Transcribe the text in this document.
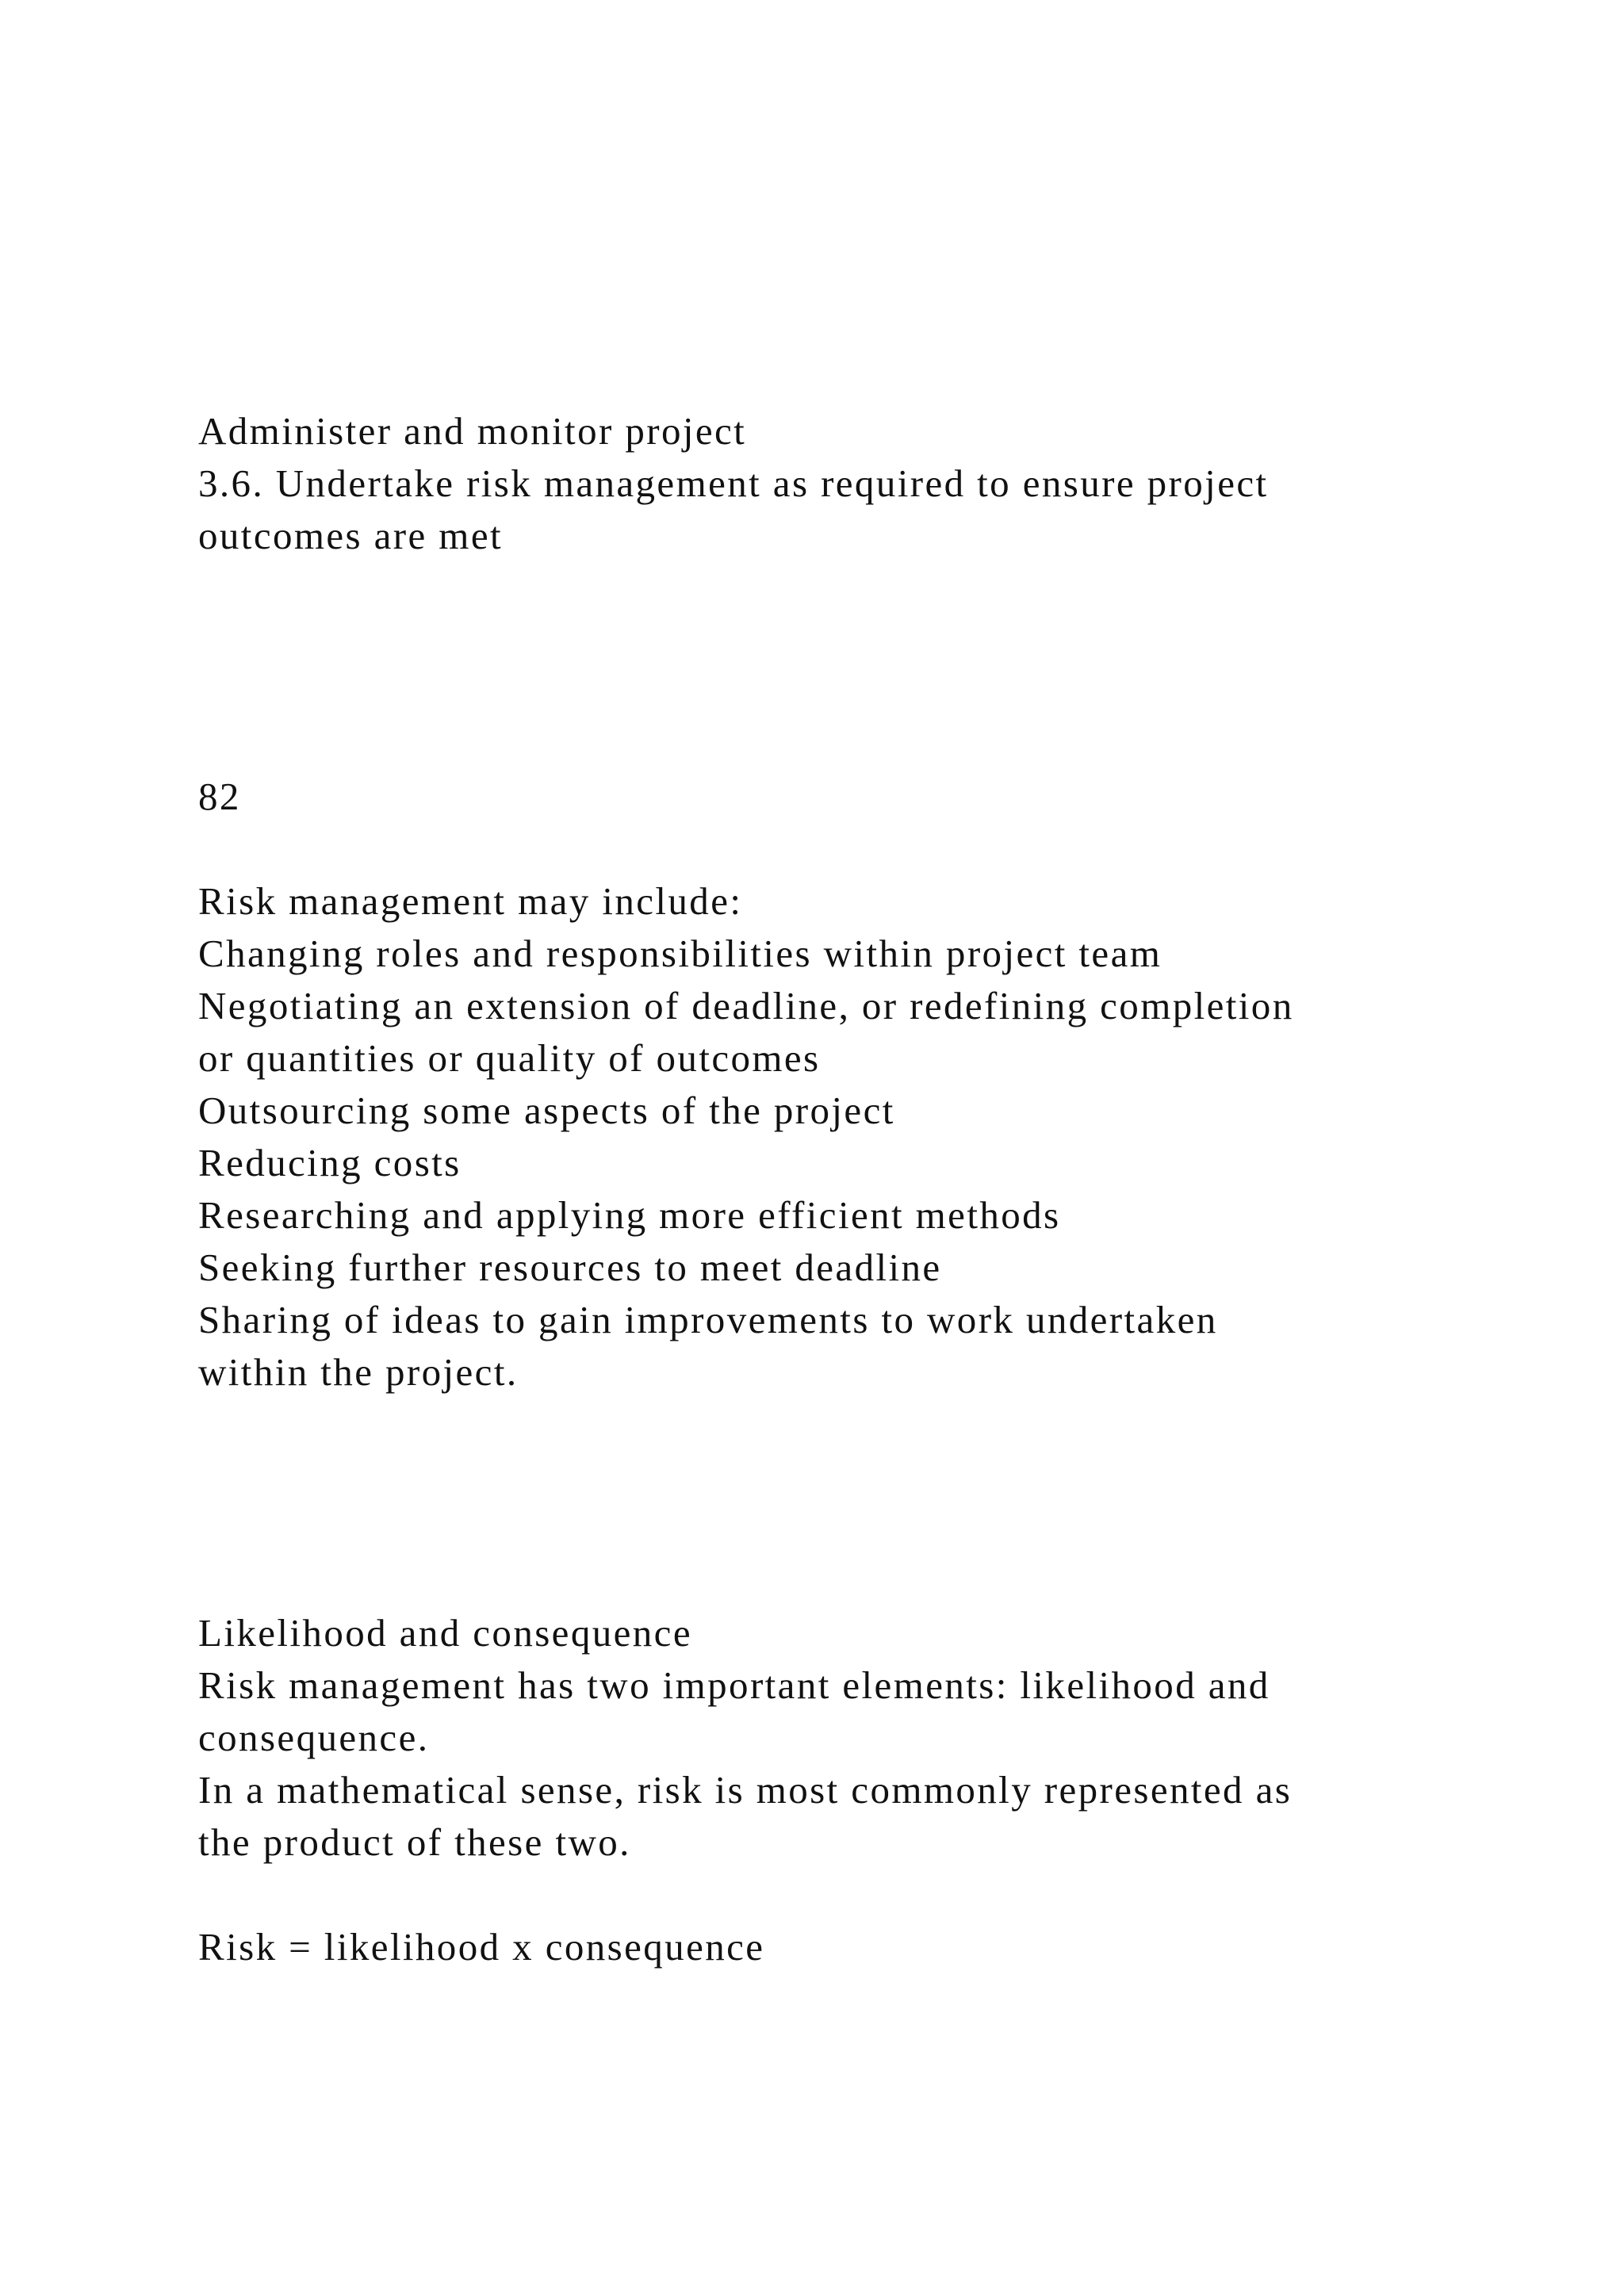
Administer and monitor project

3.6. Undertake risk management as required to ensure project

outcomes are met

82

Risk management may include:

Changing roles and responsibilities within project team

Negotiating an extension of deadline, or redefining completion

or quantities or quality of outcomes

Outsourcing some aspects of the project

Reducing costs

Researching and applying more efficient methods

Seeking further resources to meet deadline

Sharing of ideas to gain improvements to work undertaken

within the project.

Likelihood and consequence

Risk management has two important elements: likelihood and

consequence.

In a mathematical sense, risk is most commonly represented as

the product of these two.

Risk = likelihood x consequence
